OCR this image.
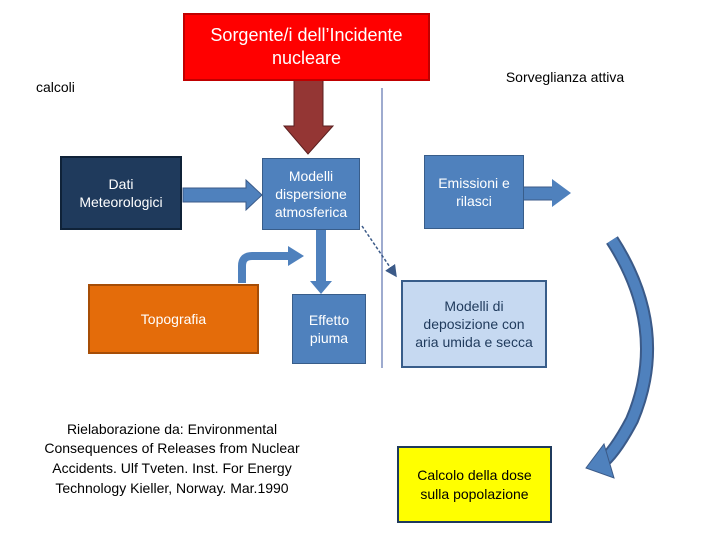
calcoli
Sorgente/i dell’Incidente nucleare
Sorveglianza attiva
Dati Meteorologici
Modelli dispersione atmosferica
Emissioni e rilasci
Contaminazione del suolo e risospensione
Topografia	Effetto piuma
Modelli di deposizione con aria umida e secca
Rielaborazione da: Environmental Consequences of Releases from Nuclear Accidents. Ulf Tveten. Inst. For Energy Technology Kieller, Norway. Mar.1990
Calcolo della dose sulla popolazione
